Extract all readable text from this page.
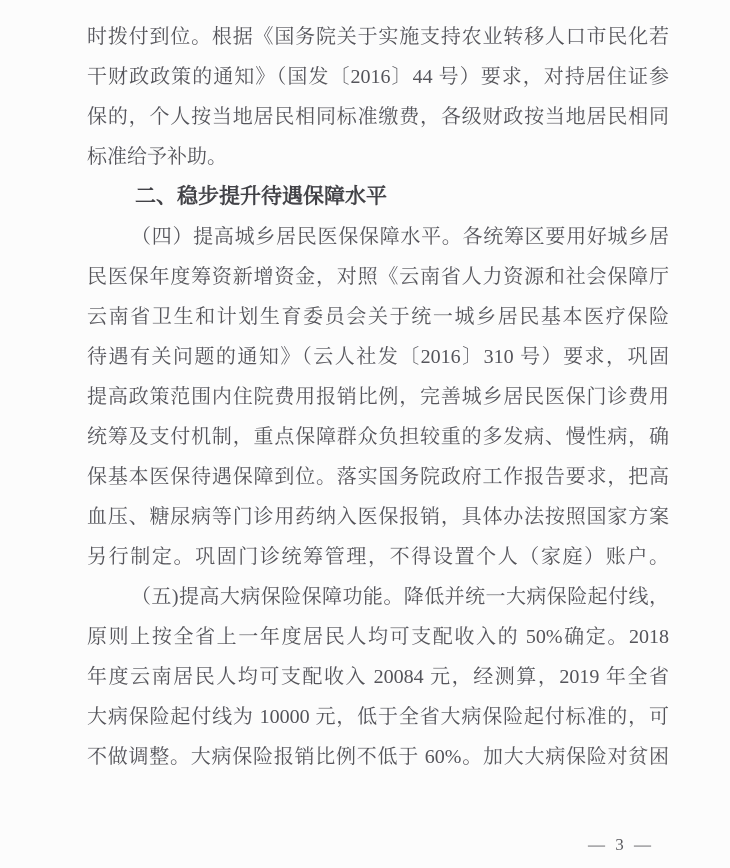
时拨付到位。根据《国务院关于实施支持农业转移人口市民化若
干财政政策的通知》（国发〔2016〕44 号）要求，对持居住证参
保的，个人按当地居民相同标准缴费，各级财政按当地居民相同
标准给予补助。
二、稳步提升待遇保障水平
（四）提高城乡居民医保保障水平。各统筹区要用好城乡居
民医保年度筹资新增资金，对照《云南省人力资源和社会保障厅
云南省卫生和计划生育委员会关于统一城乡居民基本医疗保险
待遇有关问题的通知》（云人社发〔2016〕310 号）要求，巩固
提高政策范围内住院费用报销比例，完善城乡居民医保门诊费用
统筹及支付机制，重点保障群众负担较重的多发病、慢性病，确
保基本医保待遇保障到位。落实国务院政府工作报告要求，把高
血压、糖尿病等门诊用药纳入医保报销，具体办法按照国家方案
另行制定。巩固门诊统筹管理，不得设置个人（家庭）账户。
（五)提高大病保险保障功能。降低并统一大病保险起付线，
原则上按全省上一年度居民人均可支配收入的 50%确定。2018
年度云南居民人均可支配收入 20084 元，经测算，2019 年全省
大病保险起付线为 10000 元，低于全省大病保险起付标准的，可
不做调整。大病保险报销比例不低于 60%。加大大病保险对贫困
— 3 —
